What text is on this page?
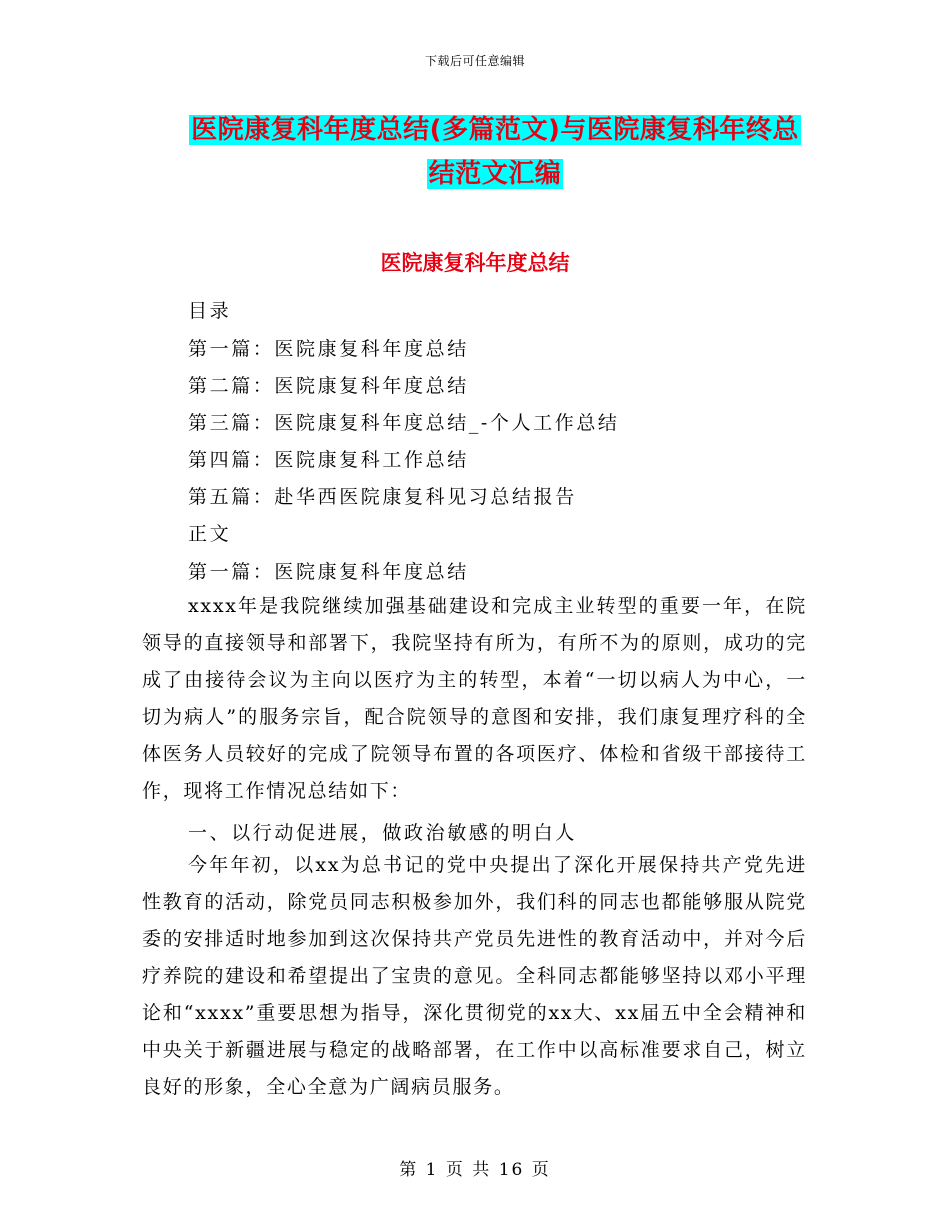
下载后可任意编辑
医院康复科年度总结(多篇范文)与医院康复科年终总
结范文汇编
医院康复科年度总结
目录
第一篇：医院康复科年度总结
第二篇：医院康复科年度总结
第三篇：医院康复科年度总结_-个人工作总结
第四篇：医院康复科工作总结
第五篇：赴华西医院康复科见习总结报告
正文
第一篇：医院康复科年度总结
xxxx年是我院继续加强基础建设和完成主业转型的重要一年，在院领导的直接领导和部署下，我院坚持有所为，有所不为的原则，成功的完成了由接待会议为主向以医疗为主的转型，本着“一切以病人为中心，一切为病人”的服务宗旨，配合院领导的意图和安排，我们康复理疗科的全体医务人员较好的完成了院领导布置的各项医疗、体检和省级干部接待工作，现将工作情况总结如下：
一、以行动促进展，做政治敏感的明白人
今年年初，以xx为总书记的党中央提出了深化开展保持共产党先进性教育的活动，除党员同志积极参加外，我们科的同志也都能够服从院党委的安排适时地参加到这次保持共产党员先进性的教育活动中，并对今后疗养院的建设和希望提出了宝贵的意见。全科同志都能够坚持以邓小平理论和“xxxx”重要思想为指导，深化贯彻党的xx大、xx届五中全会精神和中央关于新疆进展与稳定的战略部署，在工作中以高标准要求自己，树立良好的形象，全心全意为广阔病员服务。
第 1 页 共 16 页
